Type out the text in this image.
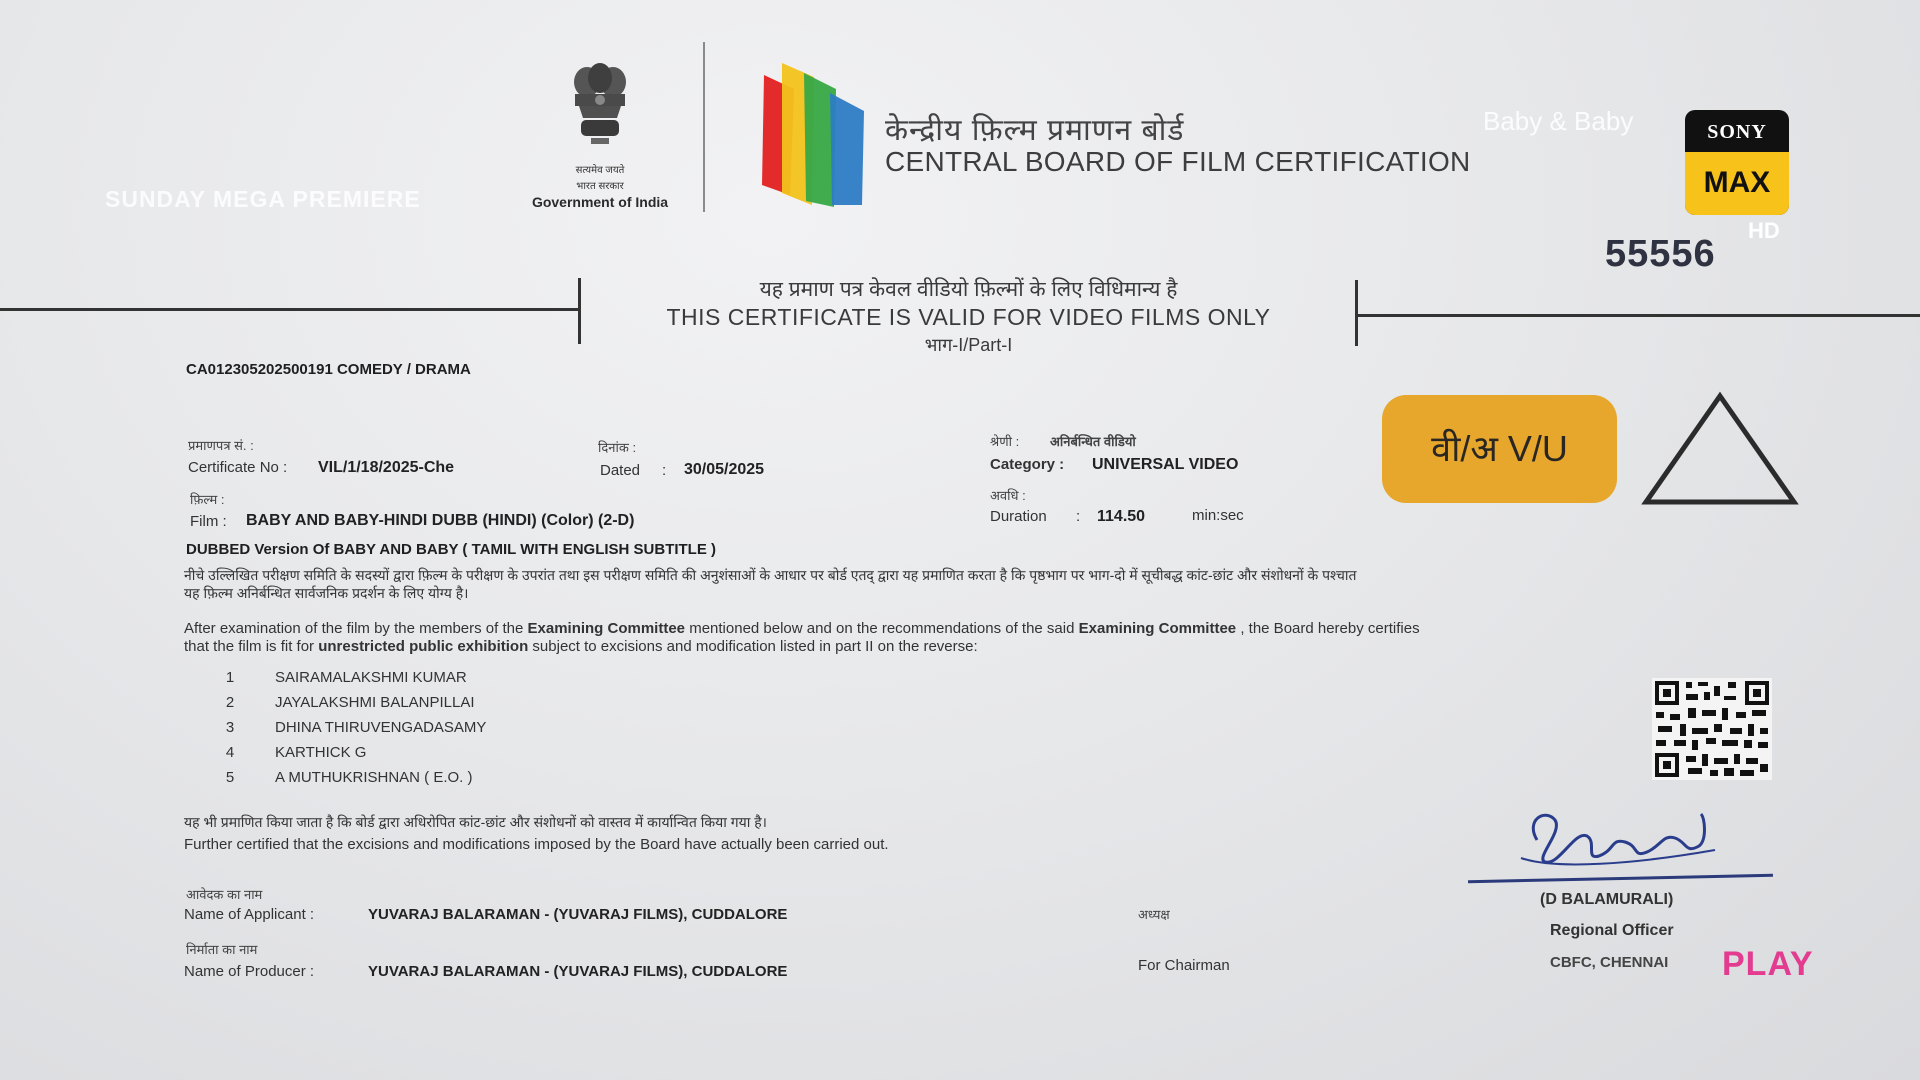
सत्यमेव जयते
भारत सरकार
Government of India
केन्द्रीय फ़िल्म प्रमाणन बोर्ड
CENTRAL BOARD OF FILM CERTIFICATION
SUNDAY MEGA PREMIERE
Baby & Baby	SONY
MAX
HD
55556
यह प्रमाण पत्र केवल वीडियो फ़िल्मों के लिए विधिमान्य है
THIS CERTIFICATE IS VALID FOR VIDEO FILMS ONLY
भाग-I/Part-I
CA012305202500191 COMEDY / DRAMA
प्रमाणपत्र सं. :
Certificate No : VIL/1/18/2025-Che
दिनांक :
Dated : 30/05/2025
श्रेणी : अनिर्बन्धित वीडियो
Category : UNIVERSAL VIDEO
अवधि :
Duration : 114.50	min:sec
वी/अ V/U
फ़िल्म :
Film : BABY AND BABY-HINDI DUBB (HINDI) (Color) (2-D)
DUBBED Version Of BABY AND BABY ( TAMIL WITH ENGLISH SUBTITLE )
नीचे उल्लिखित परीक्षण समिति के सदस्यों द्वारा फ़िल्म के परीक्षण के उपरांत तथा इस परीक्षण समिति की अनुशंसाओं के आधार पर बोर्ड एतद् द्वारा यह प्रमाणित करता है कि पृष्ठभाग पर भाग-दो में सूचीबद्ध कांट-छांट और संशोधनों के पश्चात
यह फ़िल्म अनिर्बन्धित सार्वजनिक प्रदर्शन के लिए योग्य है।
After examination of the film by the members of the Examining Committee mentioned below and on the recommendations of the said Examining Committee , the Board hereby certifies
that the film is fit for unrestricted public exhibition subject to excisions and modification listed in part II on the reverse:
1	SAIRAMALAKSHMI KUMAR
2	JAYALAKSHMI BALANPILLAI
3	DHINA THIRUVENGADASAMY
4	KARTHICK G
5	A MUTHUKRISHNAN ( E.O. )
यह भी प्रमाणित किया जाता है कि बोर्ड द्वारा अधिरोपित कांट-छांट और संशोधनों को वास्तव में कार्यान्वित किया गया है।
Further certified that the excisions and modifications imposed by the Board have actually been carried out.
(D BALAMURALI)
Regional Officer
CBFC, CHENNAI PLAY
आवेदक का नाम
Name of Applicant :	YUVARAJ BALARAMAN - (YUVARAJ FILMS), CUDDALORE	अध्यक्ष
निर्माता का नाम
Name of Producer :	YUVARAJ BALARAMAN - (YUVARAJ FILMS), CUDDALORE	For Chairman
